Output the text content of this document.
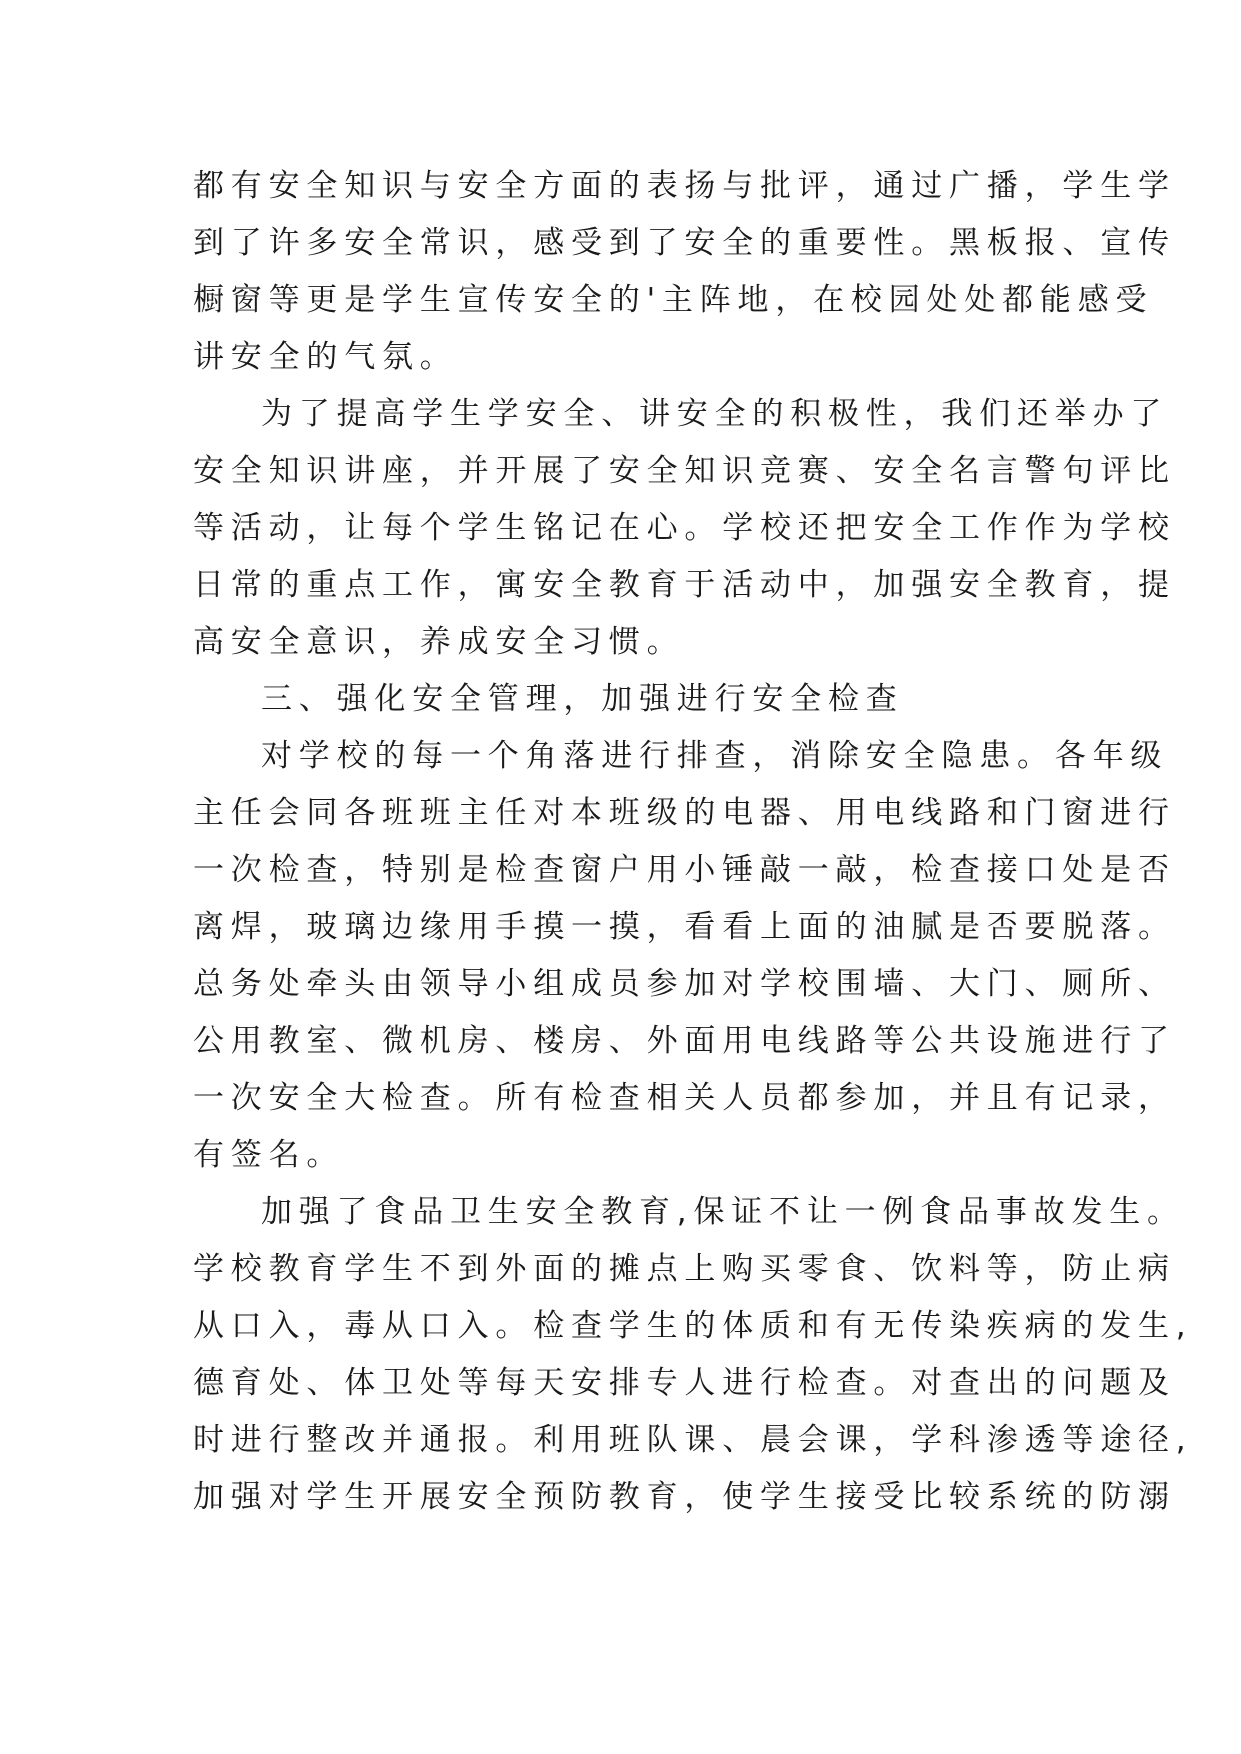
都有安全知识与安全方面的表扬与批评，通过广播，学生学
到了许多安全常识，感受到了安全的重要性。黑板报、宣传
橱窗等更是学生宣传安全的'主阵地，在校园处处都能感受
讲安全的气氛。
为了提高学生学安全、讲安全的积极性，我们还举办了
安全知识讲座，并开展了安全知识竞赛、安全名言警句评比
等活动，让每个学生铭记在心。学校还把安全工作作为学校
日常的重点工作，寓安全教育于活动中，加强安全教育，提
高安全意识，养成安全习惯。
三、强化安全管理，加强进行安全检查
对学校的每一个角落进行排查，消除安全隐患。各年级
主任会同各班班主任对本班级的电器、用电线路和门窗进行
一次检查，特别是检查窗户用小锤敲一敲，检查接口处是否
离焊，玻璃边缘用手摸一摸，看看上面的油腻是否要脱落。
总务处牵头由领导小组成员参加对学校围墙、大门、厕所、
公用教室、微机房、楼房、外面用电线路等公共设施进行了
一次安全大检查。所有检查相关人员都参加，并且有记录，
有签名。
加强了食品卫生安全教育,保证不让一例食品事故发生。
学校教育学生不到外面的摊点上购买零食、饮料等，防止病
从口入，毒从口入。检查学生的体质和有无传染疾病的发生,
德育处、体卫处等每天安排专人进行检查。对查出的问题及
时进行整改并通报。利用班队课、晨会课，学科渗透等途径,
加强对学生开展安全预防教育，使学生接受比较系统的防溺
